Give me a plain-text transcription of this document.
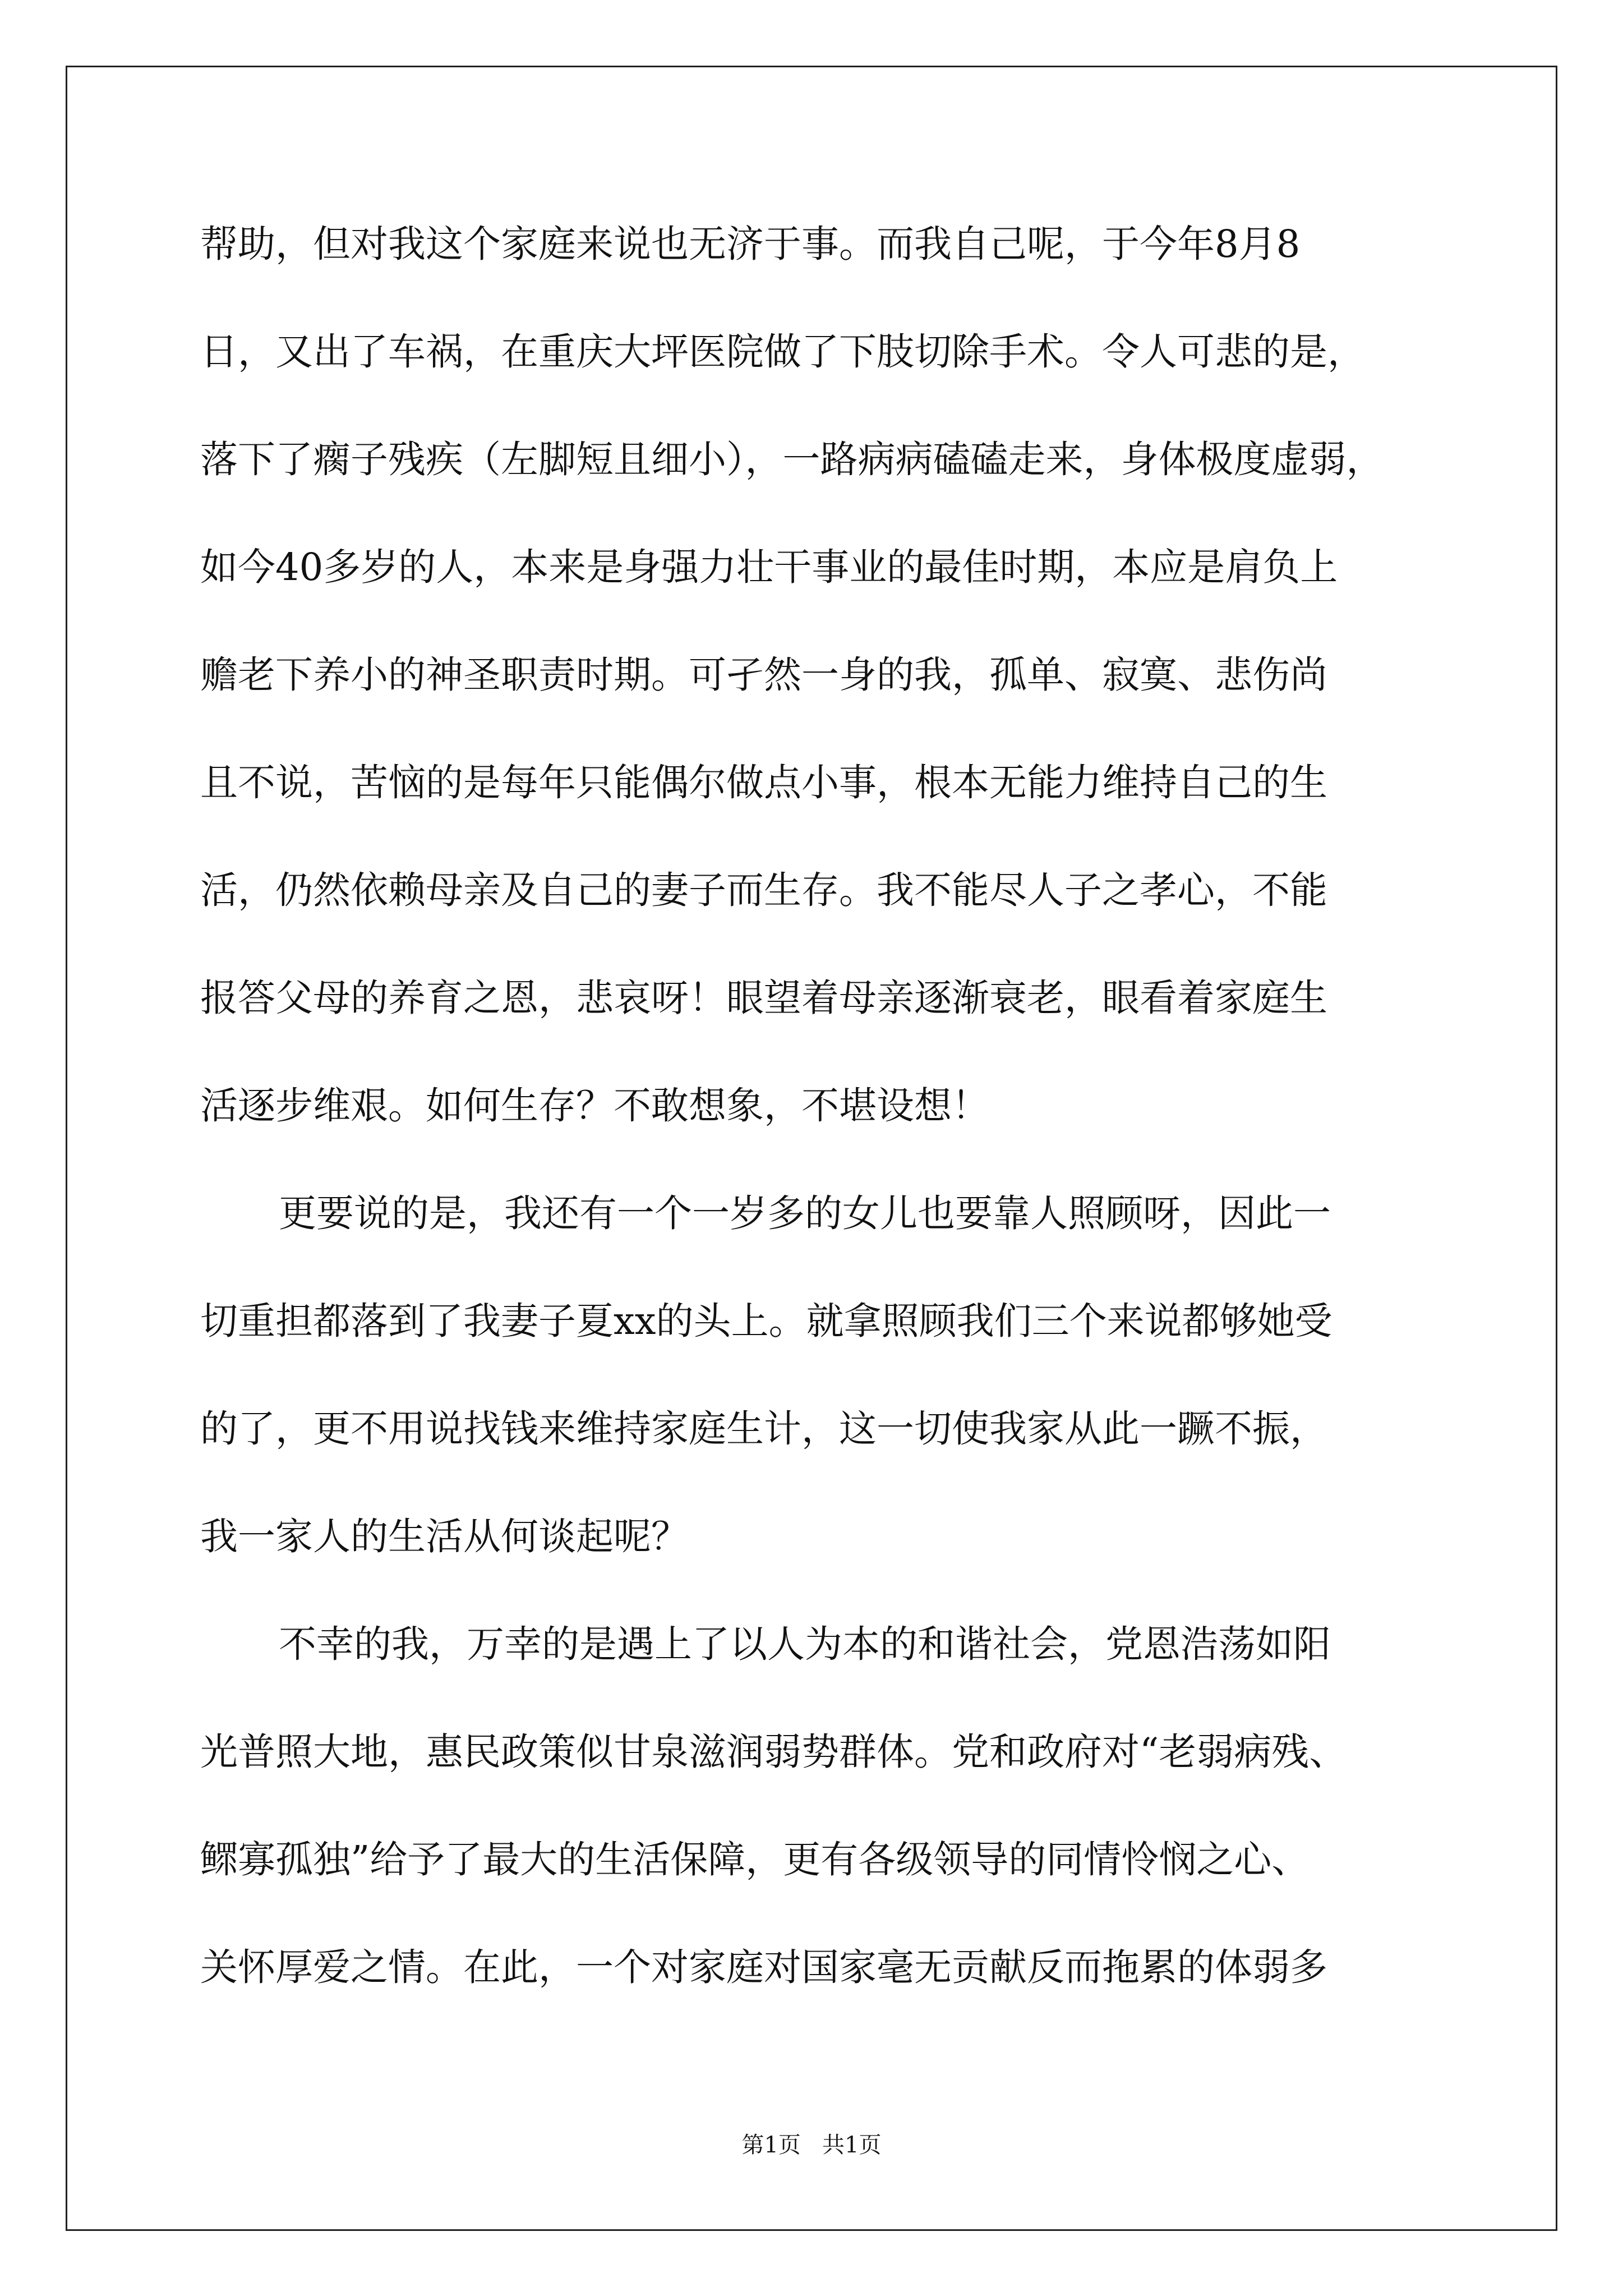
帮助，但对我这个家庭来说也无济于事。而我自己呢，于今年8月8
日，又出了车祸，在重庆大坪医院做了下肢切除手术。令人可悲的是，
落下了瘸子残疾（左脚短且细小），一路病病磕磕走来，身体极度虚弱，
如今40多岁的人，本来是身强力壮干事业的最佳时期，本应是肩负上
赡老下养小的神圣职责时期。可孑然一身的我，孤单、寂寞、悲伤尚
且不说，苦恼的是每年只能偶尔做点小事，根本无能力维持自己的生
活，仍然依赖母亲及自己的妻子而生存。我不能尽人子之孝心，不能
报答父母的养育之恩，悲哀呀！眼望着母亲逐渐衰老，眼看着家庭生
活逐步维艰。如何生存？不敢想象，不堪设想！
更要说的是，我还有一个一岁多的女儿也要靠人照顾呀，因此一
切重担都落到了我妻子夏xx的头上。就拿照顾我们三个来说都够她受
的了，更不用说找钱来维持家庭生计，这一切使我家从此一蹶不振，
我一家人的生活从何谈起呢？
不幸的我，万幸的是遇上了以人为本的和谐社会，党恩浩荡如阳
光普照大地，惠民政策似甘泉滋润弱势群体。党和政府对“老弱病残、
鳏寡孤独”给予了最大的生活保障，更有各级领导的同情怜悯之心、
关怀厚爱之情。在此，一个对家庭对国家毫无贡献反而拖累的体弱多
第1页   共1页
